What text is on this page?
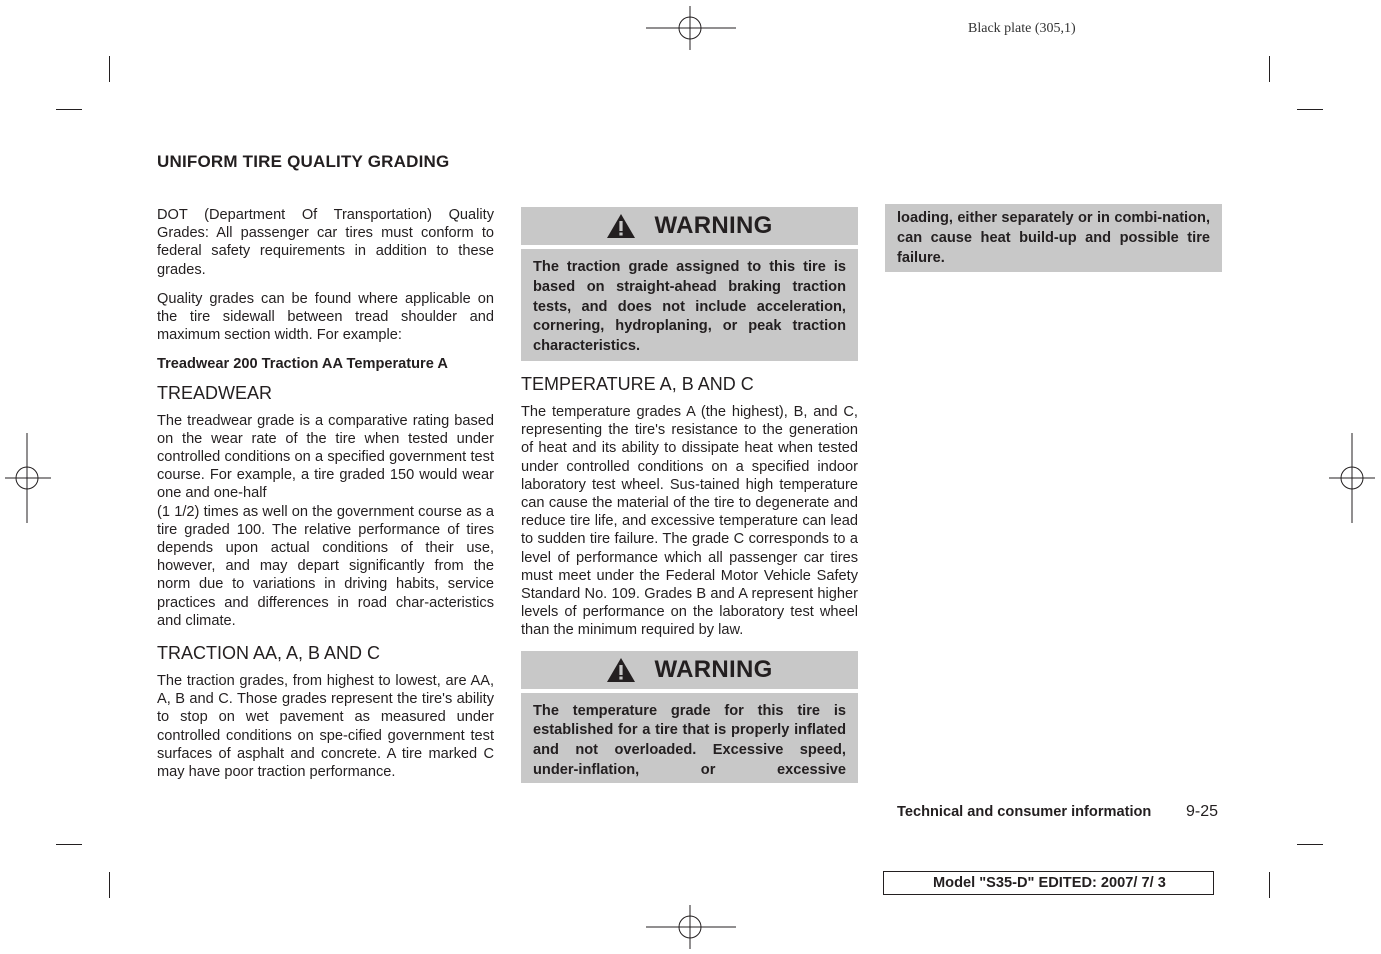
Black plate (305,1)
UNIFORM TIRE QUALITY GRADING

DOT (Department Of Transportation) Quality Grades: All passenger car tires must conform to federal safety requirements in addition to these grades.

Quality grades can be found where applicable on the tire sidewall between tread shoulder and maximum section width. For example:

Treadwear 200 Traction AA Temperature A

TREADWEAR

The treadwear grade is a comparative rating based on the wear rate of the tire when tested under controlled conditions on a specified government test course. For example, a tire graded 150 would wear one and one-half

(1 1/2) times as well on the government course as a tire graded 100. The relative performance of tires depends upon actual conditions of their use, however, and may depart significantly from the norm due to variations in driving habits, service practices and differences in road char-acteristics and climate.

TRACTION AA, A, B AND C

The traction grades, from highest to lowest, are AA, A, B and C. Those grades represent the tire's ability to stop on wet pavement as measured under controlled conditions on spe-cified government test surfaces of asphalt and concrete. A tire marked C may have poor traction performance.

WARNING
The traction grade assigned to this tire is based on straight-ahead braking traction tests, and does not include acceleration, cornering, hydroplaning, or peak traction characteristics.
TEMPERATURE A, B AND C

The temperature grades A (the highest), B, and C, representing the tire's resistance to the generation of heat and its ability to dissipate heat when tested under controlled conditions on a specified indoor laboratory test wheel. Sus-tained high temperature can cause the material of the tire to degenerate and reduce tire life, and excessive temperature can lead to sudden tire failure. The grade C corresponds to a level of performance which all passenger car tires must meet under the Federal Motor Vehicle Safety Standard No. 109. Grades B and A represent higher levels of performance on the laboratory test wheel than the minimum required by law.

WARNING
The temperature grade for this tire is established for a tire that is properly inflated and not overloaded. Excessive speed, under-inflation, or excessive
loading, either separately or in combi-nation, can cause heat build-up and possible tire failure.
Technical and consumer information 9-25
Model "S35-D" EDITED: 2007/ 7/ 3
